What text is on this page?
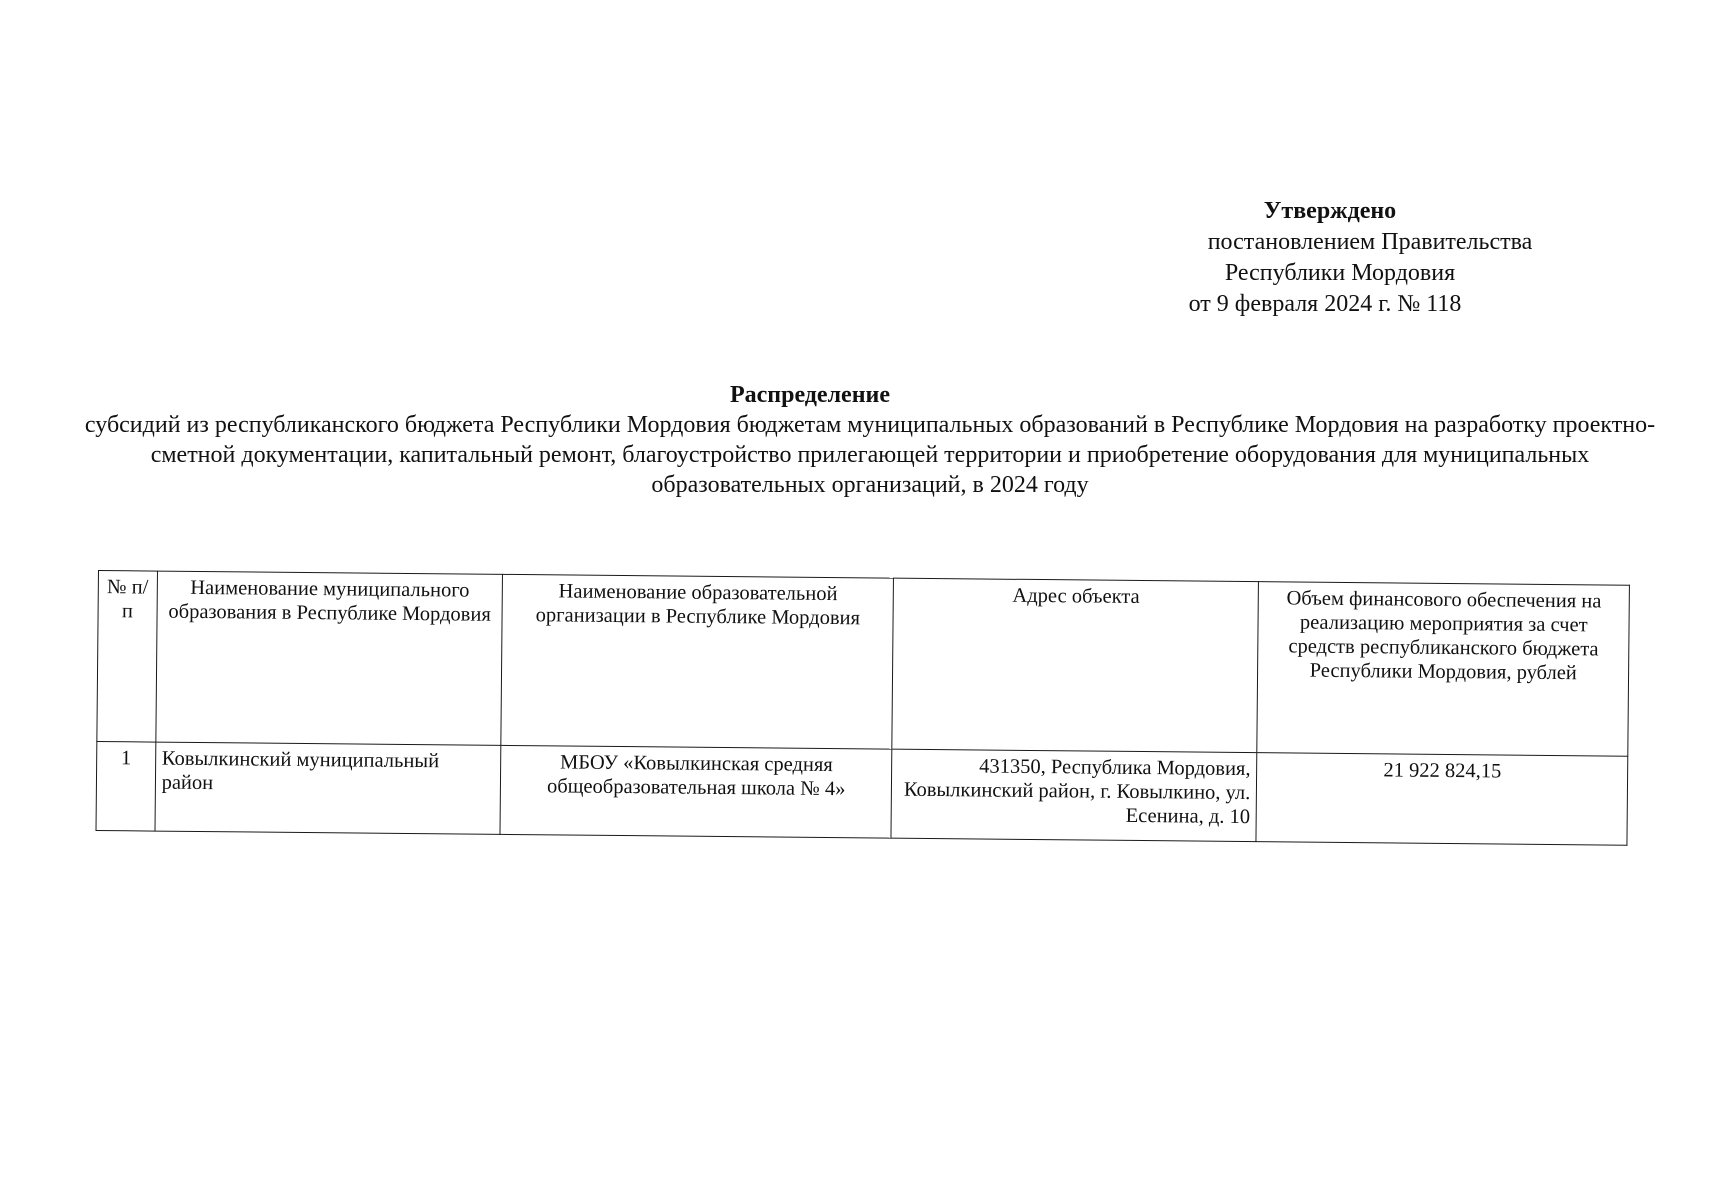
Утверждено
постановлением Правительства
Республики Мордовия
от 9 февраля 2024 г. № 118
Распределение
субсидий из республиканского бюджета Республики Мордовия бюджетам муниципальных образований в Республике Мордовия на разработку проектно-сметной документации, капитальный ремонт, благоустройство прилегающей территории и приобретение оборудования для муниципальных образовательных организаций, в 2024 году
№ п/п	Наименование муниципального образования в Республике Мордовия	Наименование образовательной организации в Республике Мордовия	Адрес объекта	Объем финансового обеспечения на реализацию мероприятия за счет средств республиканского бюджета Республики Мордовия, рублей
1	Ковылкинский муниципальный район	МБОУ «Ковылкинская средняя общеобразовательная школа № 4»	431350, Республика Мордовия, Ковылкинский район, г. Ковылкино, ул. Есенина, д. 10	21 922 824,15
